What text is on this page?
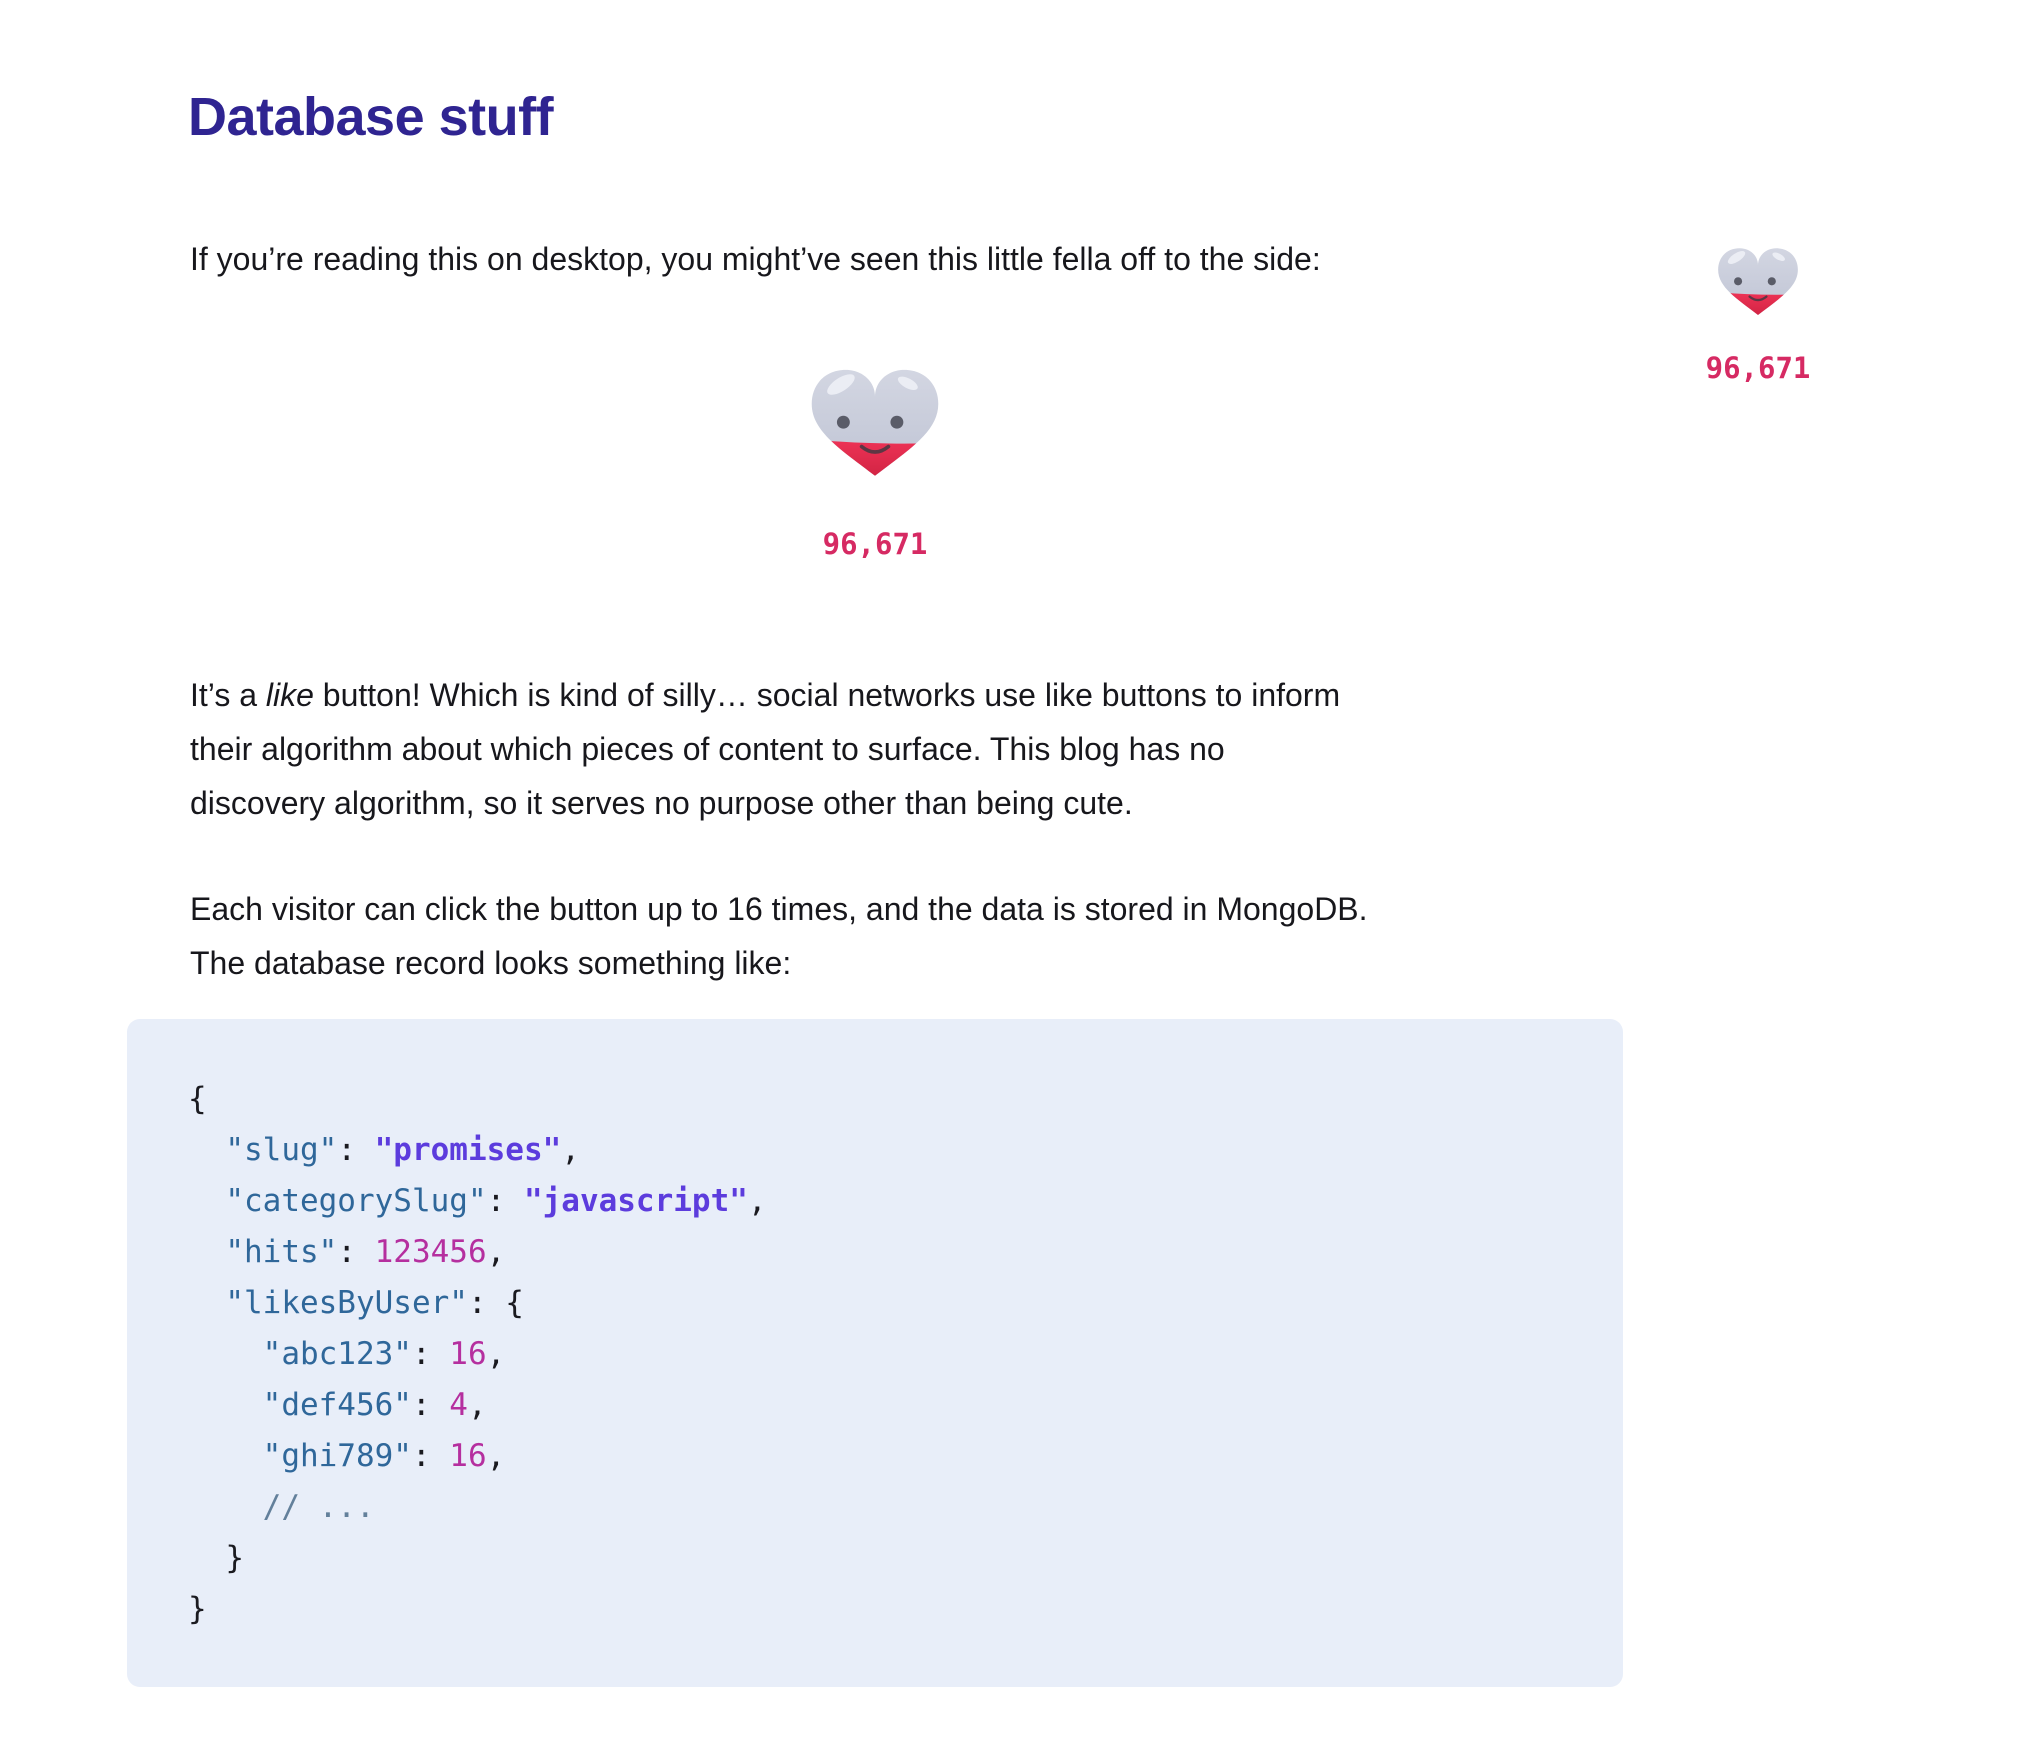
Database stuff

If you’re reading this on desktop, you might’ve seen this little fella off to the side:

96,671
96,671

It’s a like button! Which is kind of silly… social networks use like buttons to inform
their algorithm about which pieces of content to surface. This blog has no
discovery algorithm, so it serves no purpose other than being cute.

Each visitor can click the button up to 16 times, and the data is stored in MongoDB.
The database record looks something like:

{
"slug": "promises",
"categorySlug": "javascript",
"hits": 123456,
"likesByUser": {
"abc123": 16,
"def456": 4,
"ghi789": 16,
// ...
}
}
